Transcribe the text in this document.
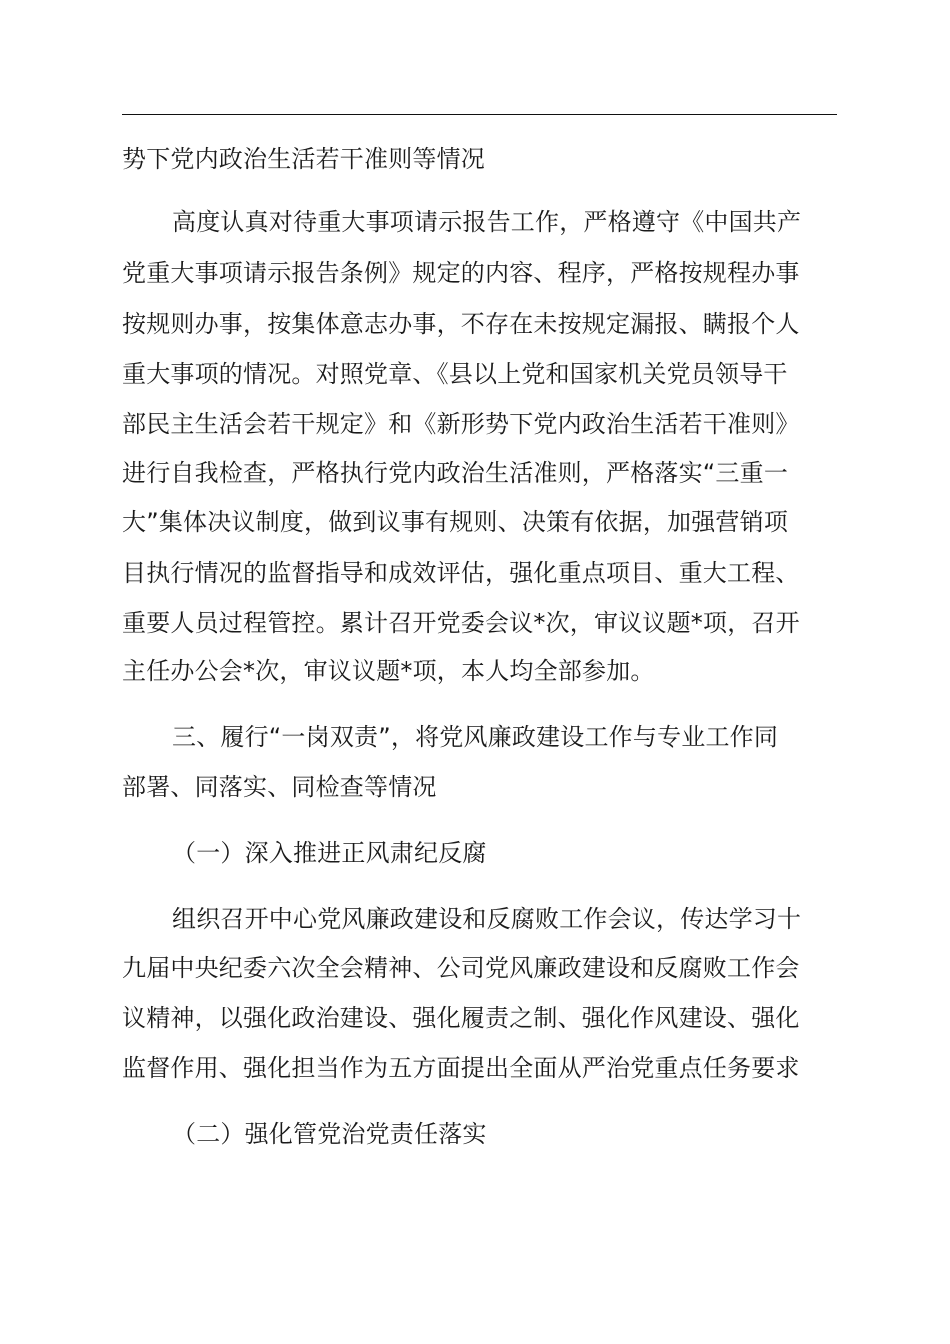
势下党内政治生活若干准则等情况
高度认真对待重大事项请示报告工作，严格遵守《中国共产
党重大事项请示报告条例》规定的内容、程序，严格按规程办事
按规则办事，按集体意志办事，不存在未按规定漏报、瞒报个人
重大事项的情况。对照党章、《县以上党和国家机关党员领导干
部民主生活会若干规定》和《新形势下党内政治生活若干准则》
进行自我检查，严格执行党内政治生活准则，严格落实“三重一
大”集体决议制度，做到议事有规则、决策有依据，加强营销项
目执行情况的监督指导和成效评估，强化重点项目、重大工程、
重要人员过程管控。累计召开党委会议*次，审议议题*项，召开
主任办公会*次，审议议题*项，本人均全部参加。
三、履行“一岗双责”，将党风廉政建设工作与专业工作同
部署、同落实、同检查等情况
（一）深入推进正风肃纪反腐
组织召开中心党风廉政建设和反腐败工作会议，传达学习十
九届中央纪委六次全会精神、公司党风廉政建设和反腐败工作会
议精神，以强化政治建设、强化履责之制、强化作风建设、强化
监督作用、强化担当作为五方面提出全面从严治党重点任务要求
（二）强化管党治党责任落实
